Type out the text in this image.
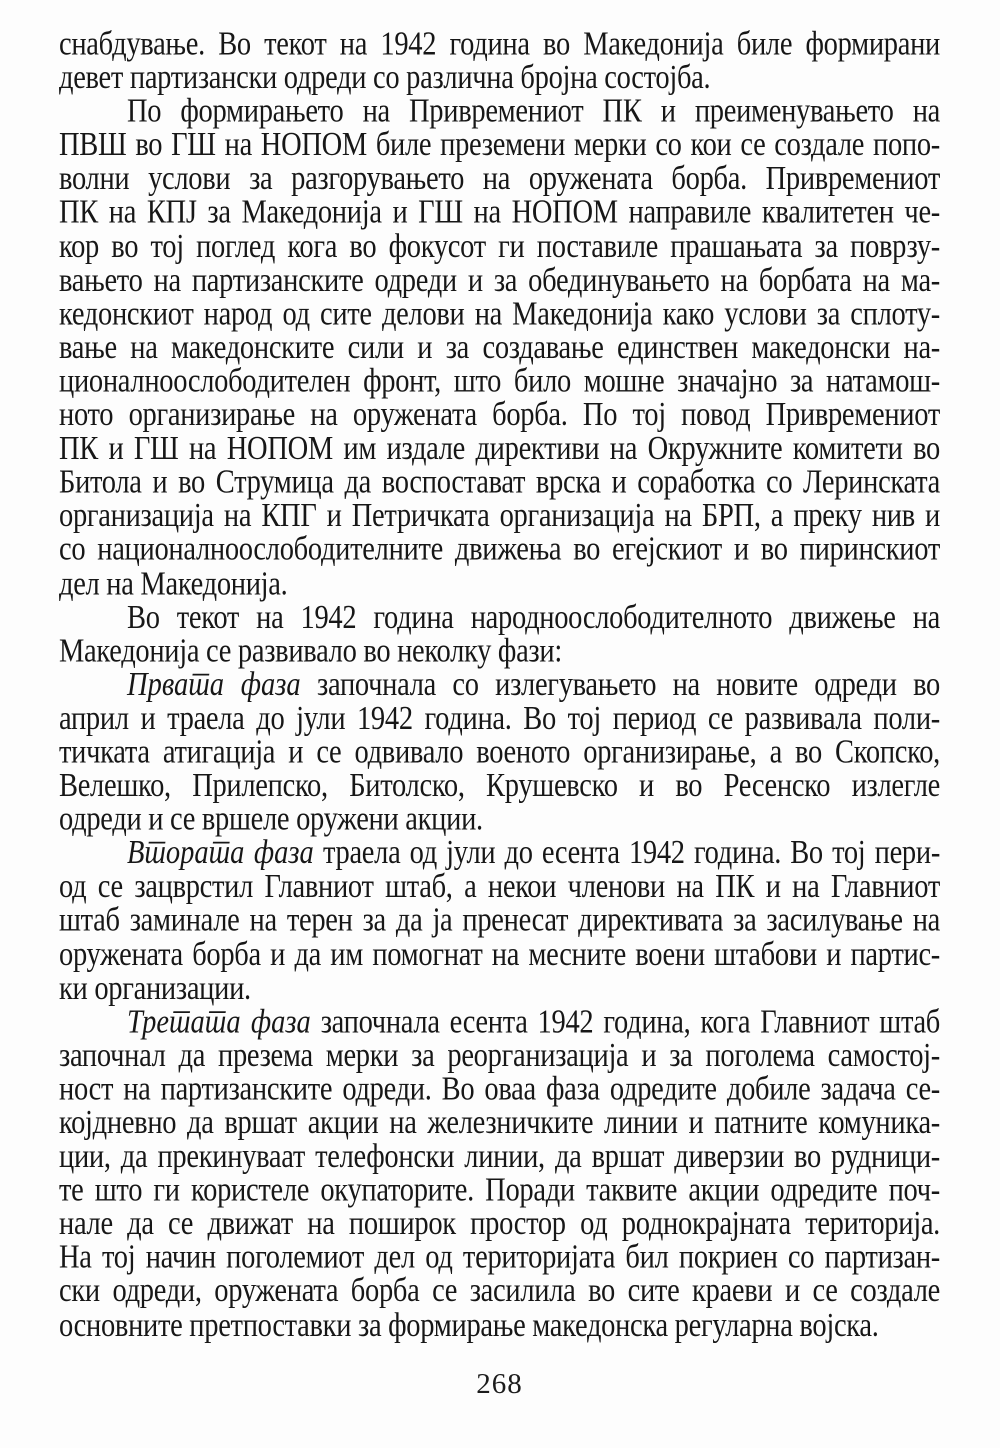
снабдување. Во текот на 1942 година во Македонија биле формирани
девет партизански одреди со различна бројна состојба.
По формирањето на Привремениот ПК и преименувањето на
ПВШ во ГШ на НОПОМ биле преземени мерки со кои се создале попо-
волни услови за разгорувањето на оружената борба. Привремениот
ПК на КПЈ за Македонија и ГШ на НОПОМ направиле квалитетен че-
кор во тој поглед кога во фокусот ги поставиле прашањата за поврзу-
вањето на партизанските одреди и за обединувањето на борбата на ма-
кедонскиот народ од сите делови на Македонија како услови за сплоту-
вање на македонските сили и за создавање единствен македонски на-
ционалноослободителен фронт, што било мошне значајно за натамош-
ното организирање на оружената борба. По тој повод Привремениот
ПК и ГШ на НОПОМ им издале директиви на Окружните комитети во
Битола и во Струмица да воспостават врска и соработка со Леринската
организација на КПГ и Петричката организација на БРП, а преку нив и
со националноослободителните движења во егејскиот и во пиринскиот
дел на Македонија.
Во текот на 1942 година народноослободителното движење на
Македонија се развивало во неколку фази:
Првата фаза започнала со излегувањето на новите одреди во
април и траела до јули 1942 година. Во тој период се развивала поли-
тичката атигација и се одвивало военото организирање, а во Скопско,
Велешко, Прилепско, Битолско, Крушевско и во Ресенско излегле
одреди и се вршеле оружени акции.
Втората фаза траела од јули до есента 1942 година. Во тој пери-
од се зацврстил Главниот штаб, а некои членови на ПК и на Главниот
штаб заминале на терен за да ја пренесат директивата за засилување на
оружената борба и да им помогнат на месните воени штабови и партис-
ки организации.
Третата фаза започнала есента 1942 година, кога Главниот штаб
започнал да презема мерки за реорганизација и за поголема самостој-
ност на партизанските одреди. Во оваа фаза одредите добиле задача се-
којдневно да вршат акции на железничките линии и патните комуника-
ции, да прекинуваат телефонски линии, да вршат диверзии во рудници-
те што ги користеле окупаторите. Поради таквите акции одредите поч-
нале да се движат на поширок простор од роднокрајната територија.
На тој начин поголемиот дел од територијата бил покриен со партизан-
ски одреди, оружената борба се засилила во сите краеви и се создале
основните претпоставки за формирање македонска регуларна војска.
268
